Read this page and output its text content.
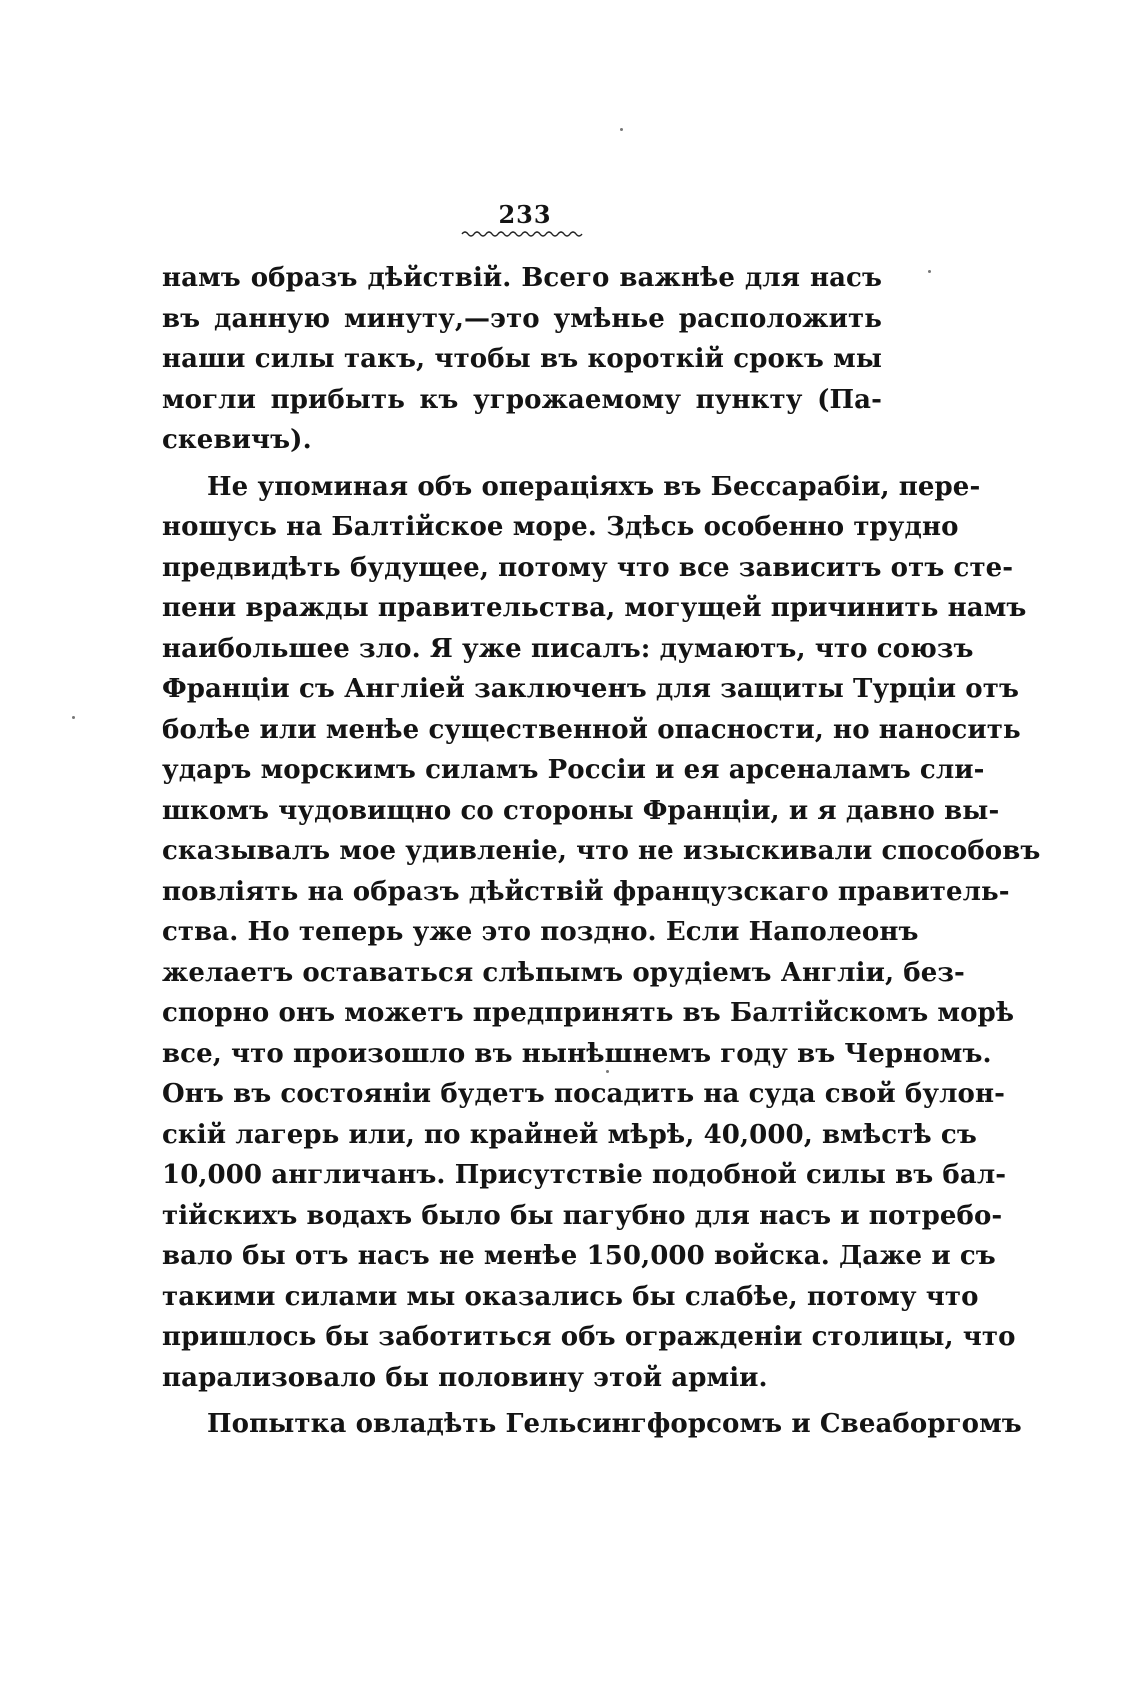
233
намъ образъ дѣйствій. Всего важнѣе для насъ
въ данную минуту,—это умѣнье расположить
наши силы такъ, чтобы въ короткій срокъ мы
могли прибыть къ угрожаемому пункту (Па-
скевичъ).
Не упоминая объ операціяхъ въ Бессарабіи, пере-
ношусь на Балтійское море. Здѣсь особенно трудно
предвидѣть будущее, потому что все зависитъ отъ сте-
пени вражды правительства, могущей причинить намъ
наибольшее зло. Я уже писалъ: думаютъ, что союзъ
Франціи съ Англіей заключенъ для защиты Турціи отъ
болѣе или менѣе существенной опасности, но наносить
ударъ морскимъ силамъ Россіи и ея арсеналамъ сли-
шкомъ чудовищно со стороны Франціи, и я давно вы-
сказывалъ мое удивленіе, что не изыскивали способовъ
повліять на образъ дѣйствій французскаго правитель-
ства. Но теперь уже это поздно. Если Наполеонъ
желаетъ оставаться слѣпымъ орудіемъ Англіи, без-
спорно онъ можетъ предпринять въ Балтійскомъ морѣ
все, что произошло въ нынѣшнемъ году въ Черномъ.
Онъ въ состояніи будетъ посадить на суда свой булон-
скій лагерь или, по крайней мѣрѣ, 40,000, вмѣстѣ съ
10,000 англичанъ. Присутствіе подобной силы въ бал-
тійскихъ водахъ было бы пагубно для насъ и потребо-
вало бы отъ насъ не менѣе 150,000 войска. Даже и съ
такими силами мы оказались бы слабѣе, потому что
пришлось бы заботиться объ огражденіи столицы, что
парализовало бы половину этой арміи.
Попытка овладѣть Гельсингфорсомъ и Свеаборгомъ
